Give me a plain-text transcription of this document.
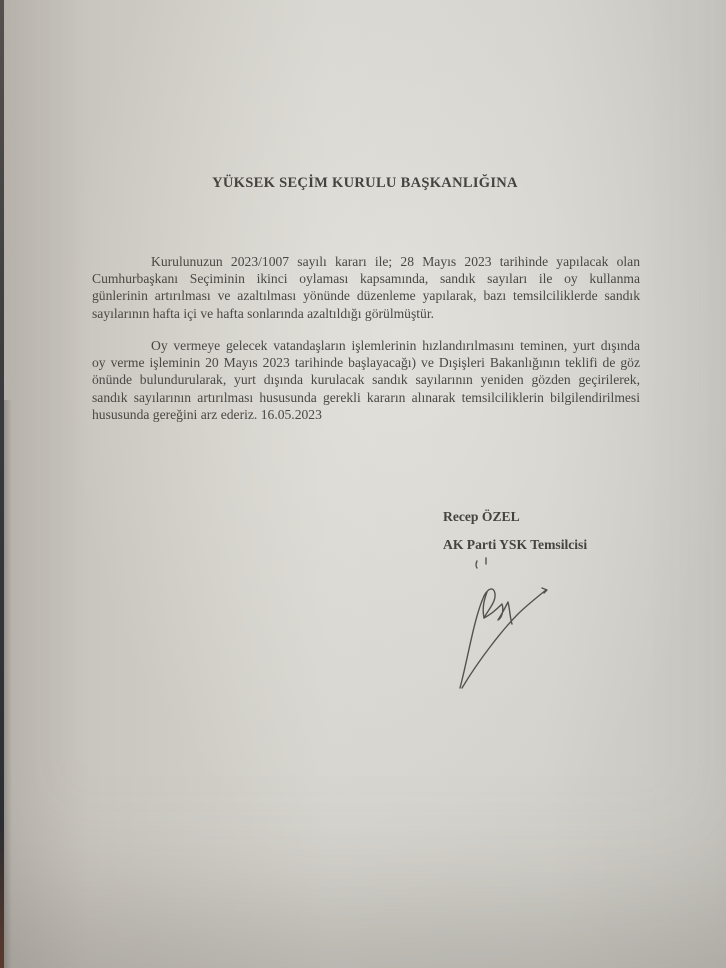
YÜKSEK SEÇİM KURULU BAŞKANLIĞINA
Kurulunuzun 2023/1007 sayılı kararı ile; 28 Mayıs 2023 tarihinde yapılacak olan
Cumhurbaşkanı Seçiminin ikinci oylaması kapsamında, sandık sayıları ile oy kullanma
günlerinin artırılması ve azaltılması yönünde düzenleme yapılarak, bazı temsilciliklerde sandık
sayılarının hafta içi ve hafta sonlarında azaltıldığı görülmüştür.
Oy vermeye gelecek vatandaşların işlemlerinin hızlandırılmasını teminen, yurt dışında
oy verme işleminin 20 Mayıs 2023 tarihinde başlayacağı) ve Dışişleri Bakanlığının teklifi de göz
önünde bulundurularak, yurt dışında kurulacak sandık sayılarının yeniden gözden geçirilerek,
sandık sayılarının artırılması hususunda gerekli kararın alınarak temsilciliklerin bilgilendirilmesi
hususunda gereğini arz ederiz. 16.05.2023
Recep ÖZEL
AK Parti YSK Temsilcisi
